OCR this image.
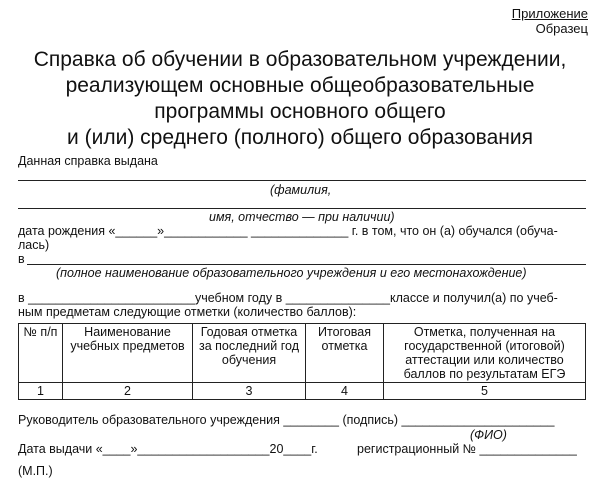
Приложение
Образец
Справка об обучении в образовательном учреждении,
реализующем основные общеобразовательные
программы основного общего
и (или) среднего (полного) общего образования
Данная справка выдана
(фамилия,
имя, отчество — при наличии)
дата рождения «______»____________ ______________ г. в том, что он (а) обучался (обуча-
лась)
в
(полное наименование образовательного учреждения и его местонахождение)
в ________________________учебном году в _______________классе и получил(а) по учеб-
ным предметам следующие отметки (количество баллов):
№ п/п	Наименование учебных предметов	Годовая отметка за последний год обучения	Итоговая отметка	Отметка, полученная на государственной (итоговой) аттестации или количество баллов по результатам ЕГЭ
1	2	3	4	5
Руководитель образовательного учреждения ________ (подпись) ______________________
(ФИО)
Дата выдачи «____»___________________20____г.	регистрационный № ______________
(М.П.)
